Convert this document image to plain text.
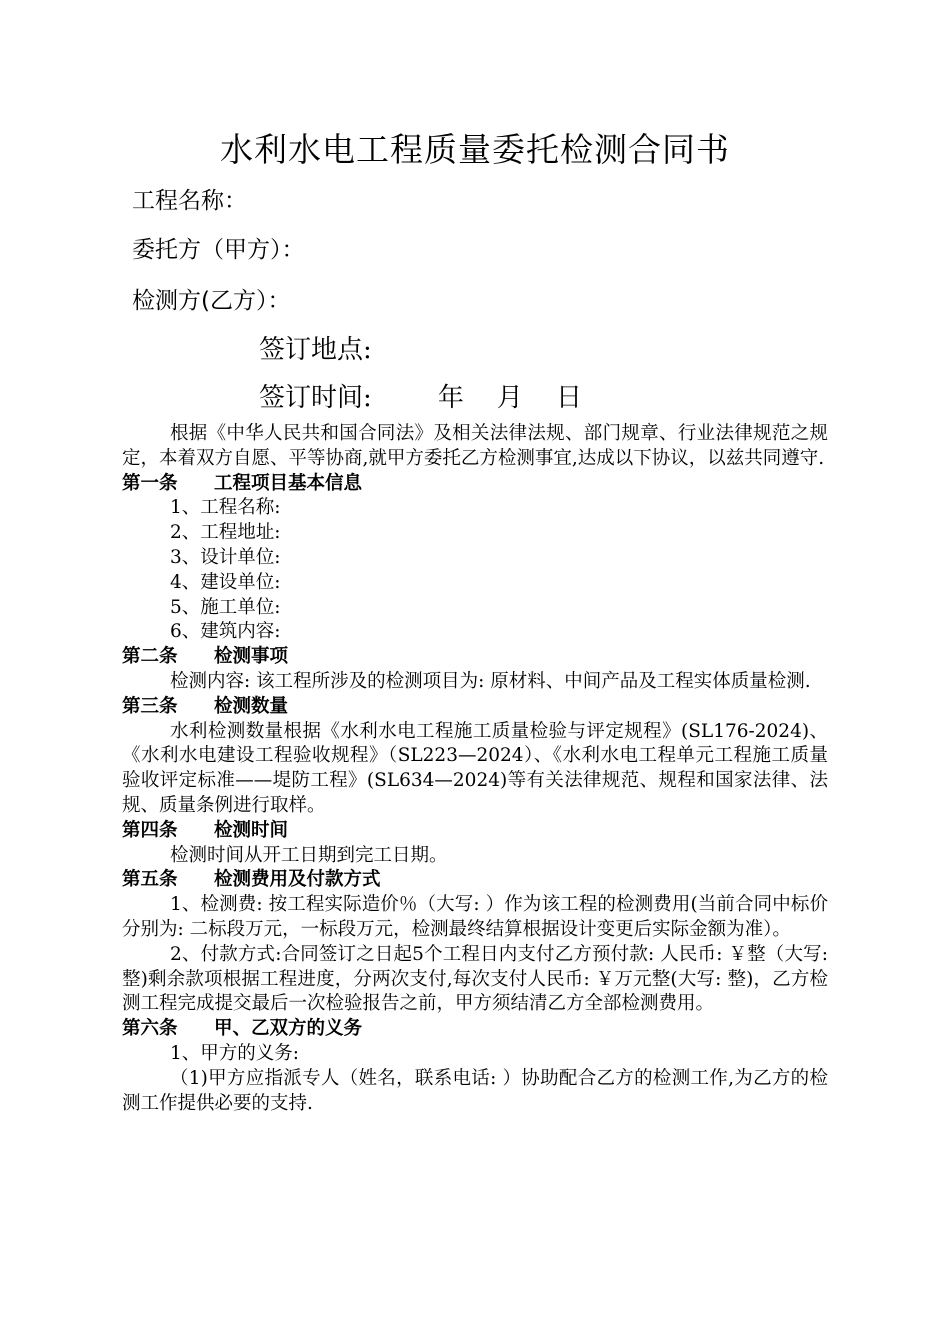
水利水电工程质量委托检测合同书
工程名称：
委托方（甲方）：
检测方(乙方）：
签订地点:
签订时间:        年    月    日

根据《中华人民共和国合同法》及相关法律法规、部门规章、行业法律规范之规定，本着双方自愿、平等协商,就甲方委托乙方检测事宜,达成以下协议，以兹共同遵守.

第一条 工程项目基本信息

1、工程名称:

2、工程地址:

3、设计单位:

4、建设单位:

5、施工单位:

6、建筑内容:

第二条 检测事项

检测内容: 该工程所涉及的检测项目为: 原材料、中间产品及工程实体质量检测.

第三条 检测数量

水利检测数量根据《水利水电工程施工质量检验与评定规程》(SL176-2024)、《水利水电建设工程验收规程》（SL223—2024）、《水利水电工程单元工程施工质量验收评定标准——堤防工程》(SL634—2024)等有关法律规范、规程和国家法律、法规、质量条例进行取样。

第四条 检测时间

检测时间从开工日期到完工日期。

第五条 检测费用及付款方式

1、检测费: 按工程实际造价％（大写: ）作为该工程的检测费用(当前合同中标价分别为: 二标段万元，一标段万元，检测最终结算根据设计变更后实际金额为准）。

2、付款方式:合同签订之日起5个工程日内支付乙方预付款: 人民币: ￥整（大写:整)剩余款项根据工程进度，分两次支付,每次支付人民币: ￥万元整(大写: 整)，乙方检测工程完成提交最后一次检验报告之前，甲方须结清乙方全部检测费用。

第六条 甲、乙双方的义务

1、甲方的义务:

（1)甲方应指派专人（姓名，联系电话: ）协助配合乙方的检测工作,为乙方的检测工作提供必要的支持.
